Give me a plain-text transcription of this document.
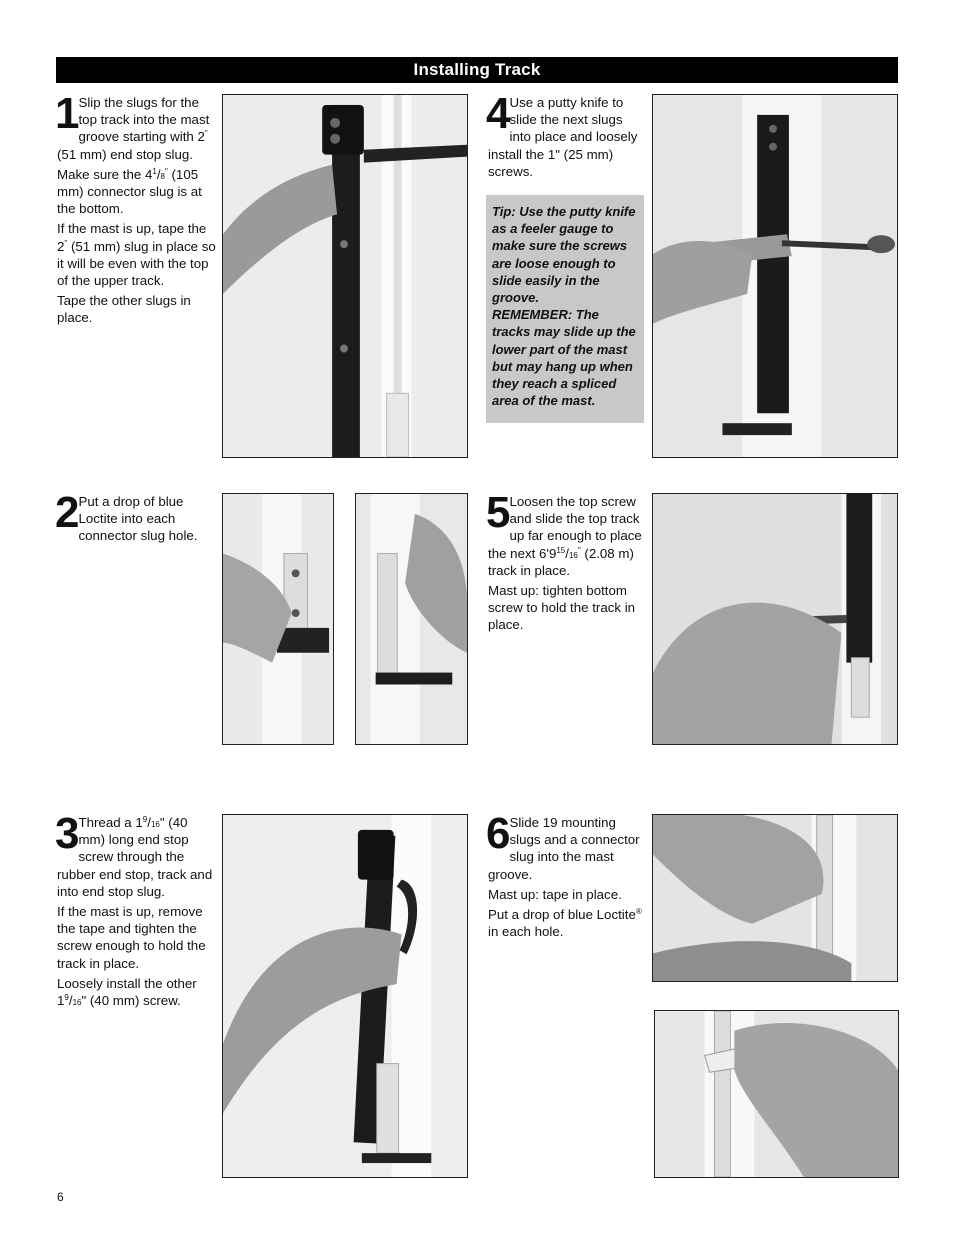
Installing Track
1 Slip the slugs for the top track into the mast groove starting with 2" (51 mm) end stop slug.

Make sure the $4^1/8^"$ (105 mm) connector slug is at the bottom.

If the mast is up, tape the 2" (51 mm) slug in place so it will be even with the top of the upper track.

Tape the other slugs in place.

4 Use a putty knife to slide the next slugs into place and loosely install the 1" (25 mm) screws.

Tip: Use the putty knife as a feeler gauge to make sure the screws are loose enough to slide easily in the groove.

REMEMBER: The tracks may slide up the lower part of the mast but may hang up when they reach a spliced area of the mast.

2 Put a drop of blue Loctite into each connector slug hole.	5 Loosen the top screw and slide the top track up far enough to place the next $6'9^{15}/16^"$ (2.08 m) track in place.

Mast up: tighten bottom screw to hold the track in place.

3 Thread a $1^9/16$" (40 mm) long end stop screw through the rubber end stop, track and into end stop slug.

If the mast is up, remove the tape and tighten the screw enough to hold the track in place.

Loosely install the other $1^9/16$" (40 mm) screw.

6 Slide 19 mounting slugs and a connector slug into the mast groove.

Mast up: tape in place.

Put a drop of blue Loctite® in each hole.

6
